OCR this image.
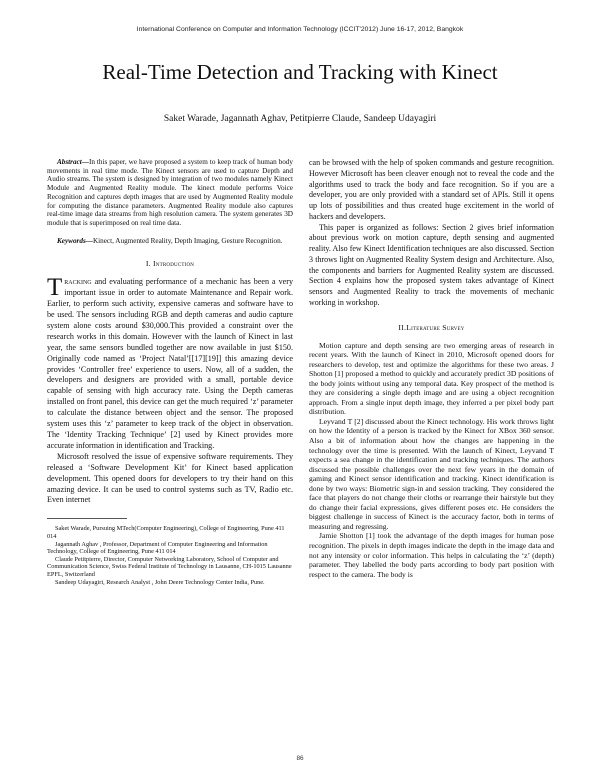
International Conference on Computer and Information Technology (ICCIT'2012) June 16-17, 2012, Bangkok
Real-Time Detection and Tracking with Kinect
Saket Warade, Jagannath Aghav, Petitpierre Claude, Sandeep Udayagiri

Abstract—In this paper, we have proposed a system to keep track of human body movements in real time mode. The Kinect sensors are used to capture Depth and Audio streams. The system is designed by integration of two modules namely Kinect Module and Augmented Reality module. The kinect module performs Voice Recognition and captures depth images that are used by Augmented Reality module for computing the distance parameters. Augmented Reality module also captures real-time image data streams from high resolution camera. The system generates 3D module that is superimposed on real time data.

Keywords—Kinect, Augmented Reality, Depth Imaging, Gesture Recognition.

I. Introduction

Tracking and evaluating performance of a mechanic has been a very important issue in order to automate Maintenance and Repair work. Earlier, to perform such activity, expensive cameras and software have to be used. The sensors including RGB and depth cameras and audio capture system alone costs around $30,000.This provided a constraint over the research works in this domain. However with the launch of Kinect in last year, the same sensors bundled together are now available in just $150. Originally code named as ‘Project Natal’[[17][19]] this amazing device provides ‘Controller free’ experience to users. Now, all of a sudden, the developers and designers are provided with a small, portable device capable of sensing with high accuracy rate. Using the Depth cameras installed on front panel, this device can get the much required ‘z’ parameter to calculate the distance between object and the sensor. The proposed system uses this ‘z’ parameter to keep track of the object in observation. The ‘Identity Tracking Technique’ [2] used by Kinect provides more accurate information in identification and Tracking.

Microsoft resolved the issue of expensive software requirements. They released a ‘Software Development Kit’ for Kinect based application development. This opened doors for developers to try their hand on this amazing device. It can be used to control systems such as TV, Radio etc. Even internet

Saket Warade, Pursuing MTech(Computer Engineering), College of Engineering, Pune 411 014

Jagannath Aghav , Professor, Department of Computer Engineering and Information Technology, College of Engineering, Pune 411 014

Claude Petitpierre, Director, Computer Networking Laboratory, School of Computer and Communication Science, Swiss Federal Institute of Technology in Lausanne, CH-1015 Lausanne EPFL, Switzerland

Sandeep Udayagiri, Research Analyst , John Deere Technology Center India, Pune.

can be browsed with the help of spoken commands and gesture recognition. However Microsoft has been cleaver enough not to reveal the code and the algorithms used to track the body and face recognition. So if you are a developer, you are only provided with a standard set of APIs. Still it opens up lots of possibilities and thus created huge excitement in the world of hackers and developers.

This paper is organized as follows: Section 2 gives brief information about previous work on motion capture, depth sensing and augmented reality. Also few Kinect Identification techniques are also discussed. Section 3 throws light on Augmented Reality System design and Architecture. Also, the components and barriers for Augmented Reality system are discussed. Section 4 explains how the proposed system takes advantage of Kinect sensors and Augmented Reality to track the movements of mechanic working in workshop.

II.Literature Survey

Motion capture and depth sensing are two emerging areas of research in recent years. With the launch of Kinect in 2010, Microsoft opened doors for researchers to develop, test and optimize the algorithms for these two areas. J Shotton [1] proposed a method to quickly and accurately predict 3D positions of the body joints without using any temporal data. Key prospect of the method is they are considering a single depth image and are using a object recognition approach. From a single input depth image, they inferred a per pixel body part distribution.

Leyvand T [2] discussed about the Kinect technology. His work throws light on how the Identity of a person is tracked by the Kinect for XBox 360 sensor. Also a bit of information about how the changes are happening in the technology over the time is presented. With the launch of Kinect, Leyvand T expects a sea change in the identification and tracking techniques. The authors discussed the possible challenges over the next few years in the domain of gaming and Kinect sensor identification and tracking. Kinect identification is done by two ways: Biometric sign-in and session tracking. They considered the face that players do not change their cloths or rearrange their hairstyle but they do change their facial expressions, gives different poses etc. He considers the biggest challenge in success of Kinect is the accuracy factor, both in terms of measuring and regressing.

Jamie Shotton [1] took the advantage of the depth images for human pose recognition. The pixels in depth images indicate the depth in the image data and not any intensity or color information. This helps in calculating the ‘z’ (depth) parameter. They labelled the body parts according to body part position with respect to the camera. The body is

86
